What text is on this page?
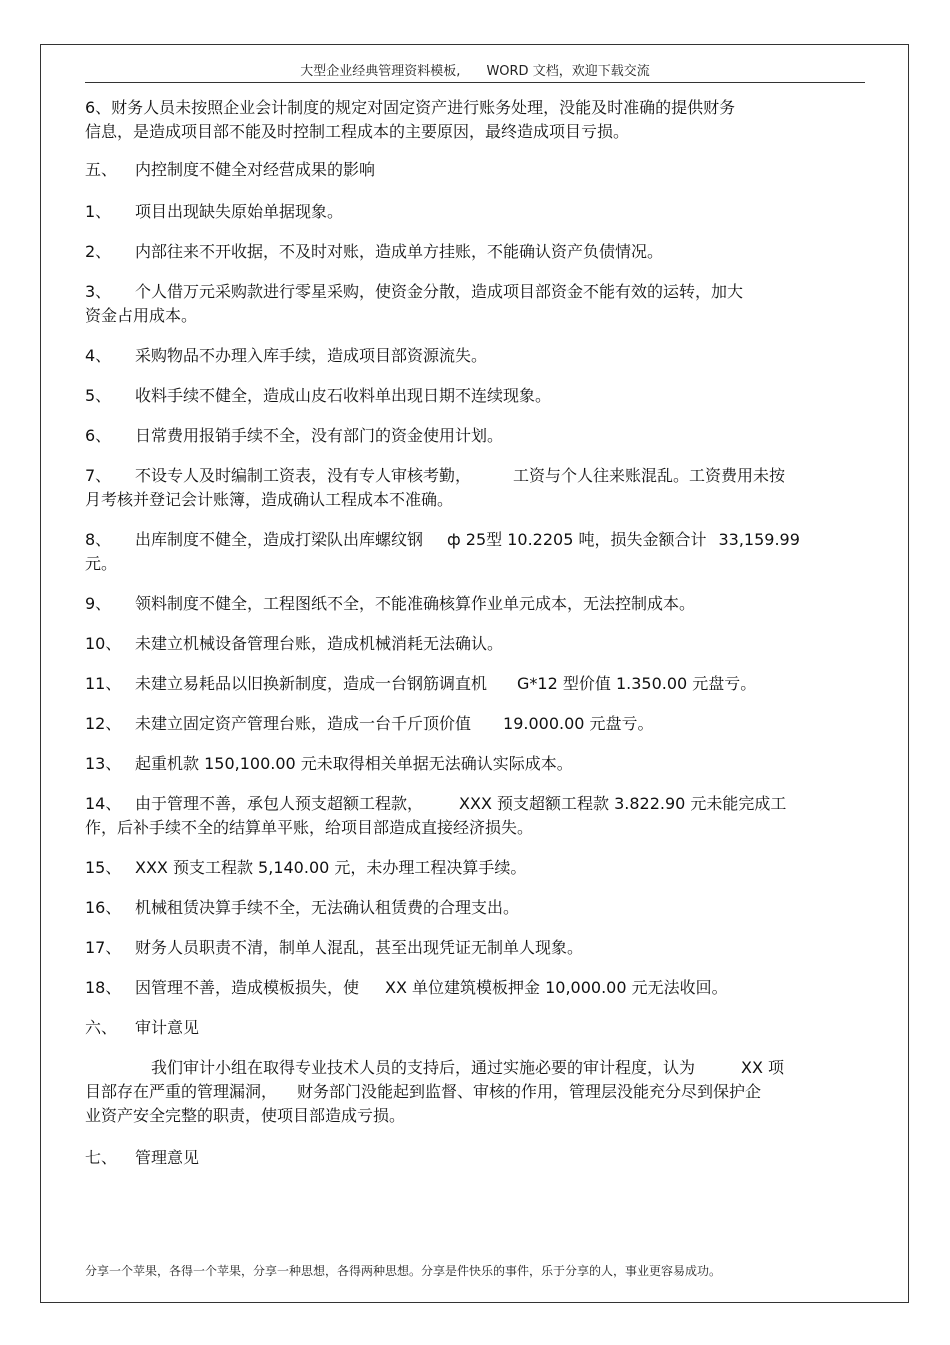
大型企业经典管理资料模板, WORD 文档，欢迎下载交流
6、财务人员未按照企业会计制度的规定对固定资产进行账务处理，没能及时准确的提供财务
信息，是造成项目部不能及时控制工程成本的主要原因，最终造成项目亏损。
五、 内控制度不健全对经营成果的影响
1、 项目出现缺失原始单据现象。
2、 内部往来不开收据，不及时对账，造成单方挂账，不能确认资产负债情况。
3、 个人借万元采购款进行零星采购，使资金分散，造成项目部资金不能有效的运转，加大
资金占用成本。
4、 采购物品不办理入库手续，造成项目部资源流失。
5、 收料手续不健全，造成山皮石收料单出现日期不连续现象。
6、 日常费用报销手续不全，没有部门的资金使用计划。
7、 不设专人及时编制工资表，没有专人审核考勤，	工资与个人往来账混乱。工资费用未按
月考核并登记会计账簿，造成确认工程成本不准确。
8、 出库制度不健全，造成打梁队出库螺纹钢 ф 25型 10.2205 吨，损失金额合计 33,159.99
元。
9、 领料制度不健全，工程图纸不全，不能准确核算作业单元成本，无法控制成本。
10、 未建立机械设备管理台账，造成机械消耗无法确认。
11、 未建立易耗品以旧换新制度，造成一台钢筋调直机 G*12 型价值 1.350.00 元盘亏。
12、 未建立固定资产管理台账，造成一台千斤顶价值 19.000.00 元盘亏。
13、 起重机款 150,100.00 元未取得相关单据无法确认实际成本。
14、 由于管理不善，承包人预支超额工程款， XXX 预支超额工程款 3.822.90 元未能完成工
作，后补手续不全的结算单平账，给项目部造成直接经济损失。
15、 XXX 预支工程款 5,140.00 元，未办理工程决算手续。
16、 机械租赁决算手续不全，无法确认租赁费的合理支出。
17、 财务人员职责不清，制单人混乱，甚至出现凭证无制单人现象。
18、 因管理不善，造成模板损失，使 XX 单位建筑模板押金 10,000.00 元无法收回。
六、 审计意见
我们审计小组在取得专业技术人员的支持后，通过实施必要的审计程度，认为	XX 项
目部存在严重的管理漏洞， 财务部门没能起到监督、审核的作用，管理层没能充分尽到保护企
业资产安全完整的职责，使项目部造成亏损。
七、 管理意见
分享一个苹果，各得一个苹果，分享一种思想，各得两种思想。分享是件快乐的事件，乐于分享的人，事业更容易成功。
